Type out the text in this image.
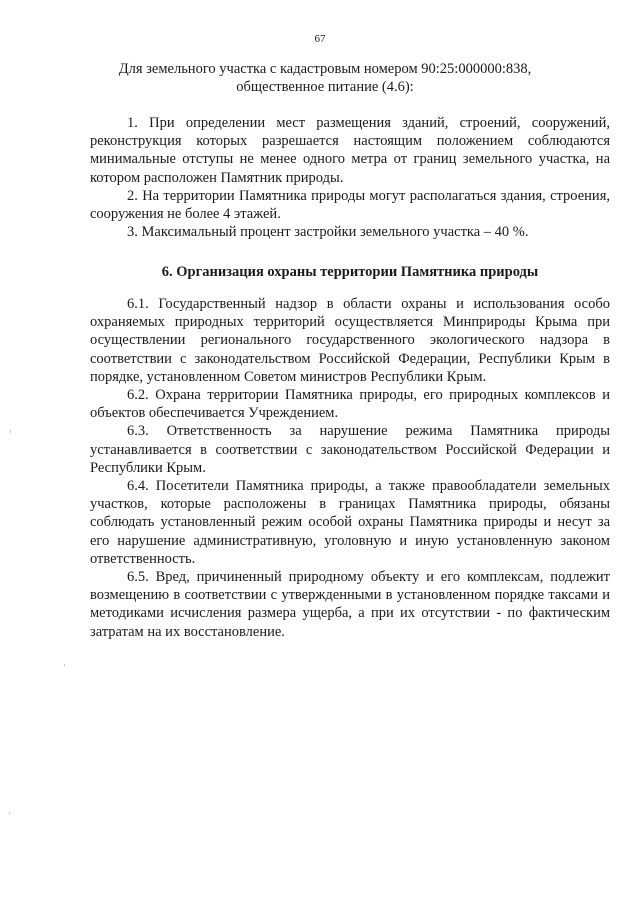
67
Для земельного участка с кадастровым номером 90:25:000000:838,
общественное питание (4.6):

1. При определении мест размещения зданий, строений, сооружений, реконструкция которых разрешается настоящим положением соблюдаются минимальные отступы не менее одного метра от границ земельного участка, на котором расположен Памятник природы.

2. На территории Памятника природы могут располагаться здания, строения, сооружения не более 4 этажей.

3. Максимальный процент застройки земельного участка – 40 %.

6. Организация охраны территории Памятника природы

6.1. Государственный надзор в области охраны и использования особо охраняемых природных территорий осуществляется Минприроды Крыма при осуществлении регионального государственного экологического надзора в соответствии с законодательством Российской Федерации, Республики Крым в порядке, установленном Советом министров Республики Крым.

6.2. Охрана территории Памятника природы, его природных комплексов и объектов обеспечивается Учреждением.

6.3. Ответственность за нарушение режима Памятника природы устанавливается в соответствии с законодательством Российской Федерации и Республики Крым.

6.4. Посетители Памятника природы, а также правообладатели земельных участков, которые расположены в границах Памятника природы, обязаны соблюдать установленный режим особой охраны Памятника природы и несут за его нарушение административную, уголовную и иную установленную законом ответственность.

6.5. Вред, причиненный природному объекту и его комплексам, подлежит возмещению в соответствии с утвержденными в установленном порядке таксами и методиками исчисления размера ущерба, а при их отсутствии - по фактическим затратам на их восстановление.
